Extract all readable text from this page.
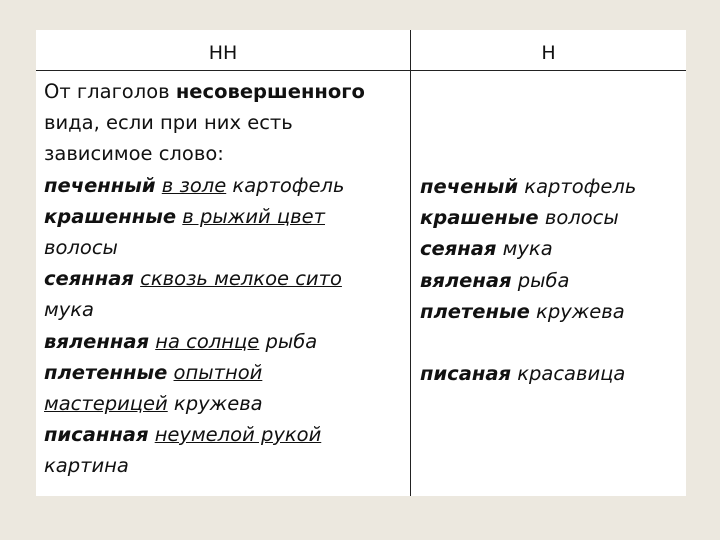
НН	Н
От глаголов несовершенного
вида, если при них есть
зависимое слово:
печенный в золе картофель
крашенные в рыжий цвет
волосы
сеянная сквозь мелкое сито
мука
вяленная на солнце рыба
плетенные опытной
мастерицей кружева
писанная неумелой рукой
картина
печеный картофель
крашеные волосы
сеяная мука
вяленая рыба
плетеные кружева
писаная красавица
